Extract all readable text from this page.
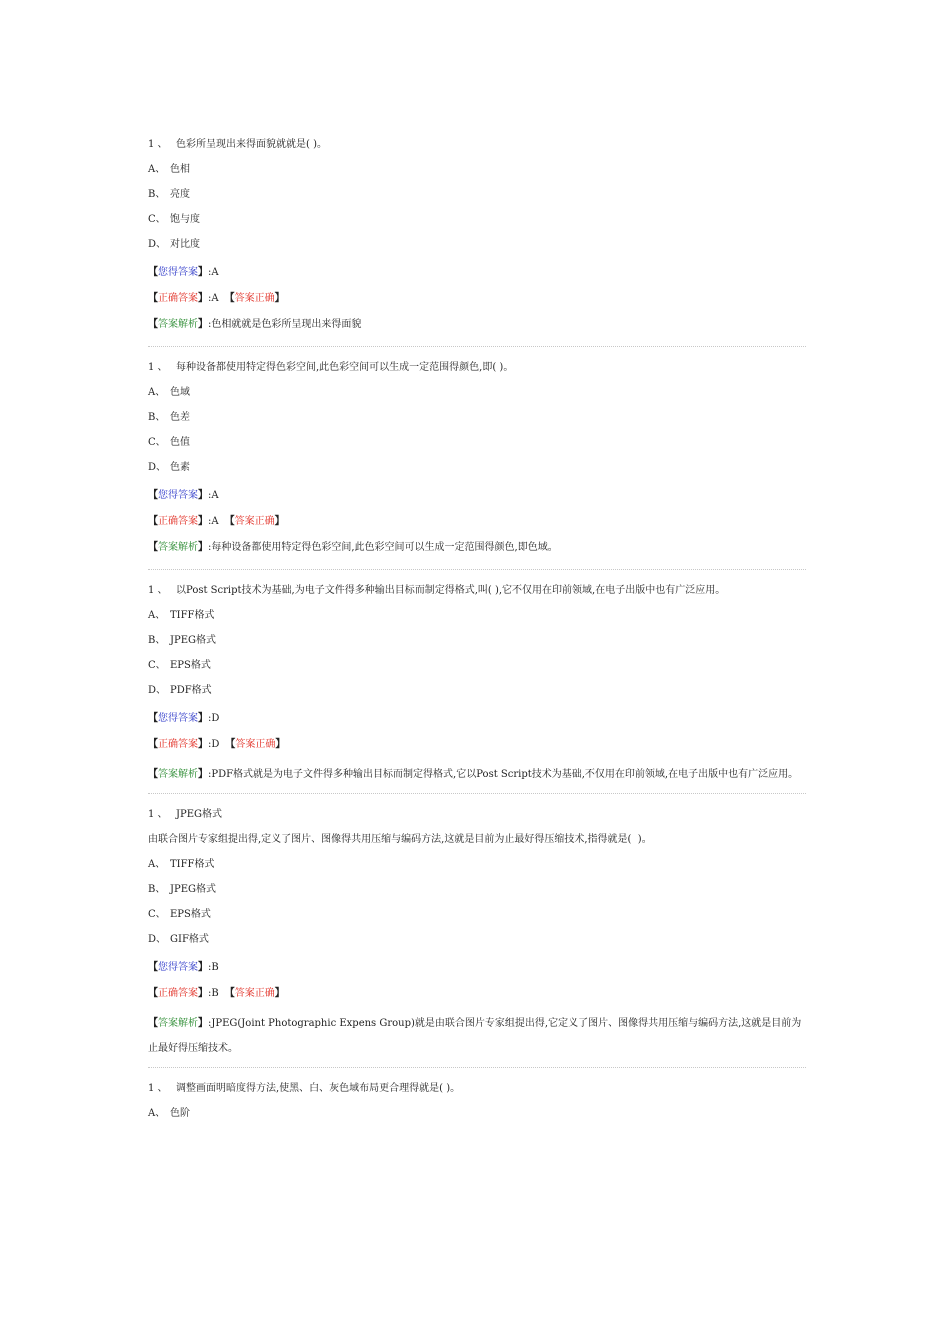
1 、 色彩所呈现出来得面貌就就是( )。
A、 色相
B、 亮度
C、 饱与度
D、 对比度
【您得答案】:A
【正确答案】:A 【答案正确】
【答案解析】:色相就就是色彩所呈现出来得面貌
1 、 每种设备都使用特定得色彩空间,此色彩空间可以生成一定范围得颜色,即( )。
A、 色域
B、 色差
C、 色值
D、 色素
【您得答案】:A
【正确答案】:A 【答案正确】
【答案解析】:每种设备都使用特定得色彩空间,此色彩空间可以生成一定范围得颜色,即色域。
1 、 以Post Script技术为基础,为电子文件得多种输出目标而制定得格式,叫( ),它不仅用在印前领域,在电子出版中也有广泛应用。
A、 TIFF格式
B、 JPEG格式
C、 EPS格式
D、 PDF格式
【您得答案】:D
【正确答案】:D 【答案正确】
【答案解析】:PDF格式就是为电子文件得多种输出目标而制定得格式,它以Post Script技术为基础,不仅用在印前领域,在电子出版中也有广泛应用。
1 、 JPEG格式
由联合图片专家组提出得,定义了图片、图像得共用压缩与编码方法,这就是目前为止最好得压缩技术,指得就是(  )。
A、 TIFF格式
B、 JPEG格式
C、 EPS格式
D、 GIF格式
【您得答案】:B
【正确答案】:B 【答案正确】
【答案解析】:JPEG(Joint Photographic Expens Group)就是由联合图片专家组提出得,它定义了图片、图像得共用压缩与编码方法,这就是目前为止最好得压缩技术。
1 、 调整画面明暗度得方法,使黑、白、灰色域布局更合理得就是( )。
A、 色阶
